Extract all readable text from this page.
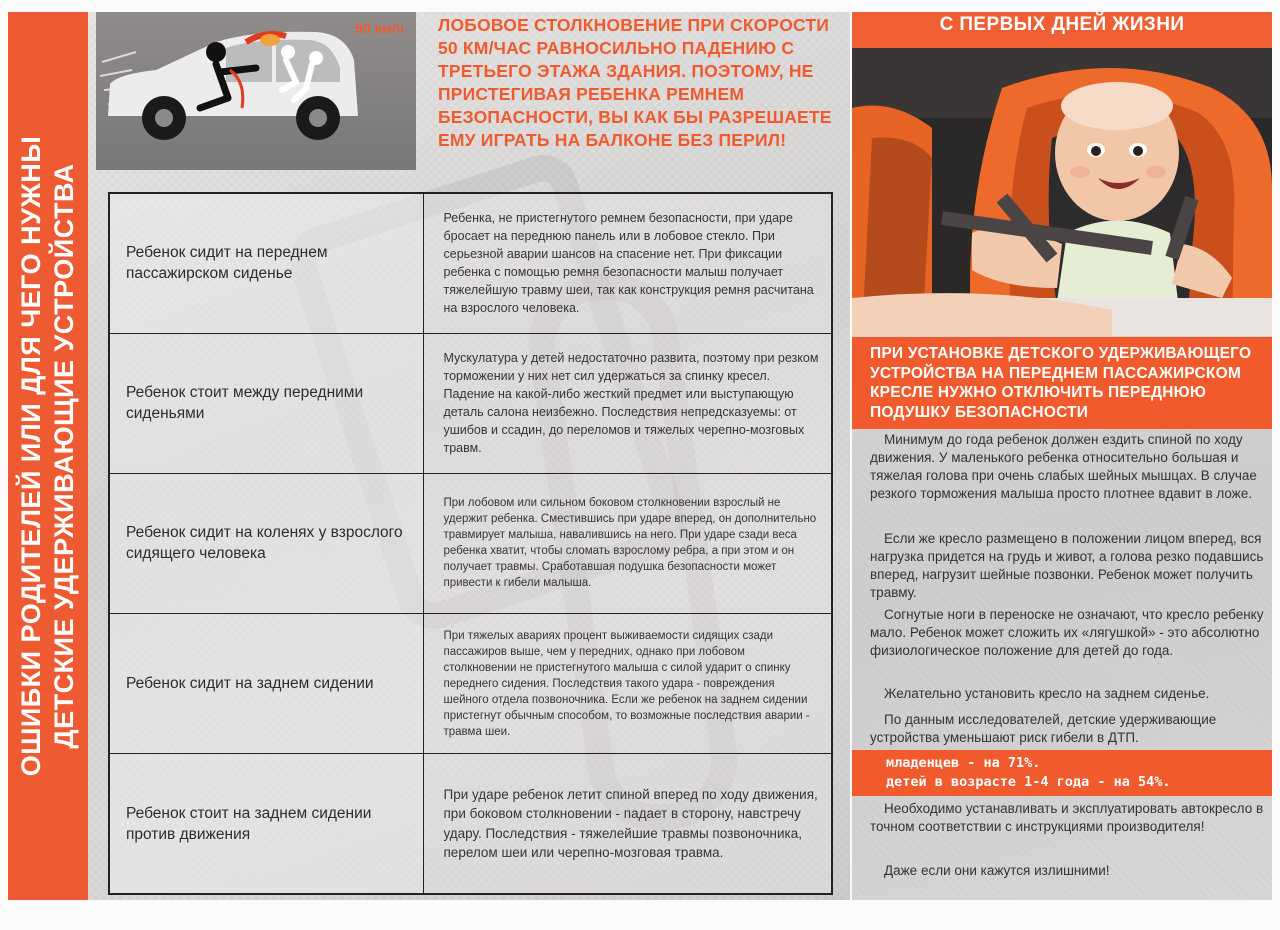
ОШИБКИ РОДИТЕЛЕЙ ИЛИ ДЛЯ ЧЕГО НУЖНЫ ДЕТСКИЕ УДЕРЖИВАЮЩИЕ УСТРОЙСТВА
50 км/ч ЛОБОВОЕ СТОЛКНОВЕНИЕ ПРИ СКОРОСТИ 50 КМ/ЧАС РАВНОСИЛЬНО ПАДЕНИЮ С ТРЕТЬЕГО ЭТАЖА ЗДАНИЯ. ПОЭТОМУ, НЕ ПРИСТЕГИВАЯ РЕБЕНКА РЕМНЕМ БЕЗОПАСНОСТИ, ВЫ КАК БЫ РАЗРЕШАЕТЕ ЕМУ ИГРАТЬ НА БАЛКОНЕ БЕЗ ПЕРИЛ!
Ребенок сидит на переднем пассажирском сиденье	Ребенка, не пристегнутого ремнем безопасности, при ударе бросает на переднюю панель или в лобовое стекло. При серьезной аварии шансов на спасение нет. При фиксации ребенка с помощью ремня безопасности малыш получает тяжелейшую травму шеи, так как конструкция ремня расчитана на взрослого человека.
Ребенок стоит между передними сиденьями	Мускулатура у детей недостаточно развита, поэтому при резком торможении у них нет сил удержаться за спинку кресел. Падение на какой-либо жесткий предмет или выступающую деталь салона неизбежно. Последствия непредсказуемы: от ушибов и ссадин, до переломов и тяжелых черепно-мозговых травм.
Ребенок сидит на коленях у взрослого сидящего человека	При лобовом или сильном боковом столкновении взрослый не удержит ребенка. Сместившись при ударе вперед, он дополнительно травмирует малыша, навалившись на него. При ударе сзади веса ребенка хватит, чтобы сломать взрослому ребра, а при этом и он получает травмы. Сработавшая подушка безопасности может привести к гибели малыша.
Ребенок сидит на заднем сидении	При тяжелых авариях процент выживаемости сидящих сзади пассажиров выше, чем у передних, однако при лобовом столкновении не пристегнутого малыша с силой ударит о спинку переднего сидения. Последствия такого удара - повреждения шейного отдела позвоночника. Если же ребенок на заднем сидении пристегнут обычным способом, то возможные последствия аварии - травма шеи.
Ребенок стоит на заднем сидении против движения	При ударе ребенок летит спиной вперед по ходу движения, при боковом столкновении - падает в сторону, навстречу удару. Последствия - тяжелейшие травмы позвоночника, перелом шеи или черепно-мозговая травма.
С ПЕРВЫХ ДНЕЙ ЖИЗНИ
ПРИ УСТАНОВКЕ ДЕТСКОГО УДЕРЖИВАЮЩЕГО УСТРОЙСТВА НА ПЕРЕДНЕМ ПАССАЖИРСКОМ КРЕСЛЕ НУЖНО ОТКЛЮЧИТЬ ПЕРЕДНЮЮ ПОДУШКУ БЕЗОПАСНОСТИ
Минимум до года ребенок должен ездить спиной по ходу движения. У маленького ребенка относительно большая и тяжелая голова при очень слабых шейных мышцах. В случае резкого торможения малыша просто плотнее вдавит в ложе.
Если же кресло размещено в положении лицом вперед, вся нагрузка придется на грудь и живот, а голова резко подавшись вперед, нагрузит шейные позвонки. Ребенок может получить травму.
Согнутые ноги в переноске не означают, что кресло ребенку мало. Ребенок может сложить их «лягушкой» - это абсолютно физиологическое положение для детей до года.
Желательно установить кресло на заднем сиденье.
По данным исследователей, детские удерживающие устройства уменьшают риск гибели в ДТП.
младенцев - на 71%.
детей в возрасте 1-4 года - на 54%.
Необходимо устанавливать и эксплуатировать автокресло в точном соответствии с инструкциями производителя!
Даже если они кажутся излишними!
